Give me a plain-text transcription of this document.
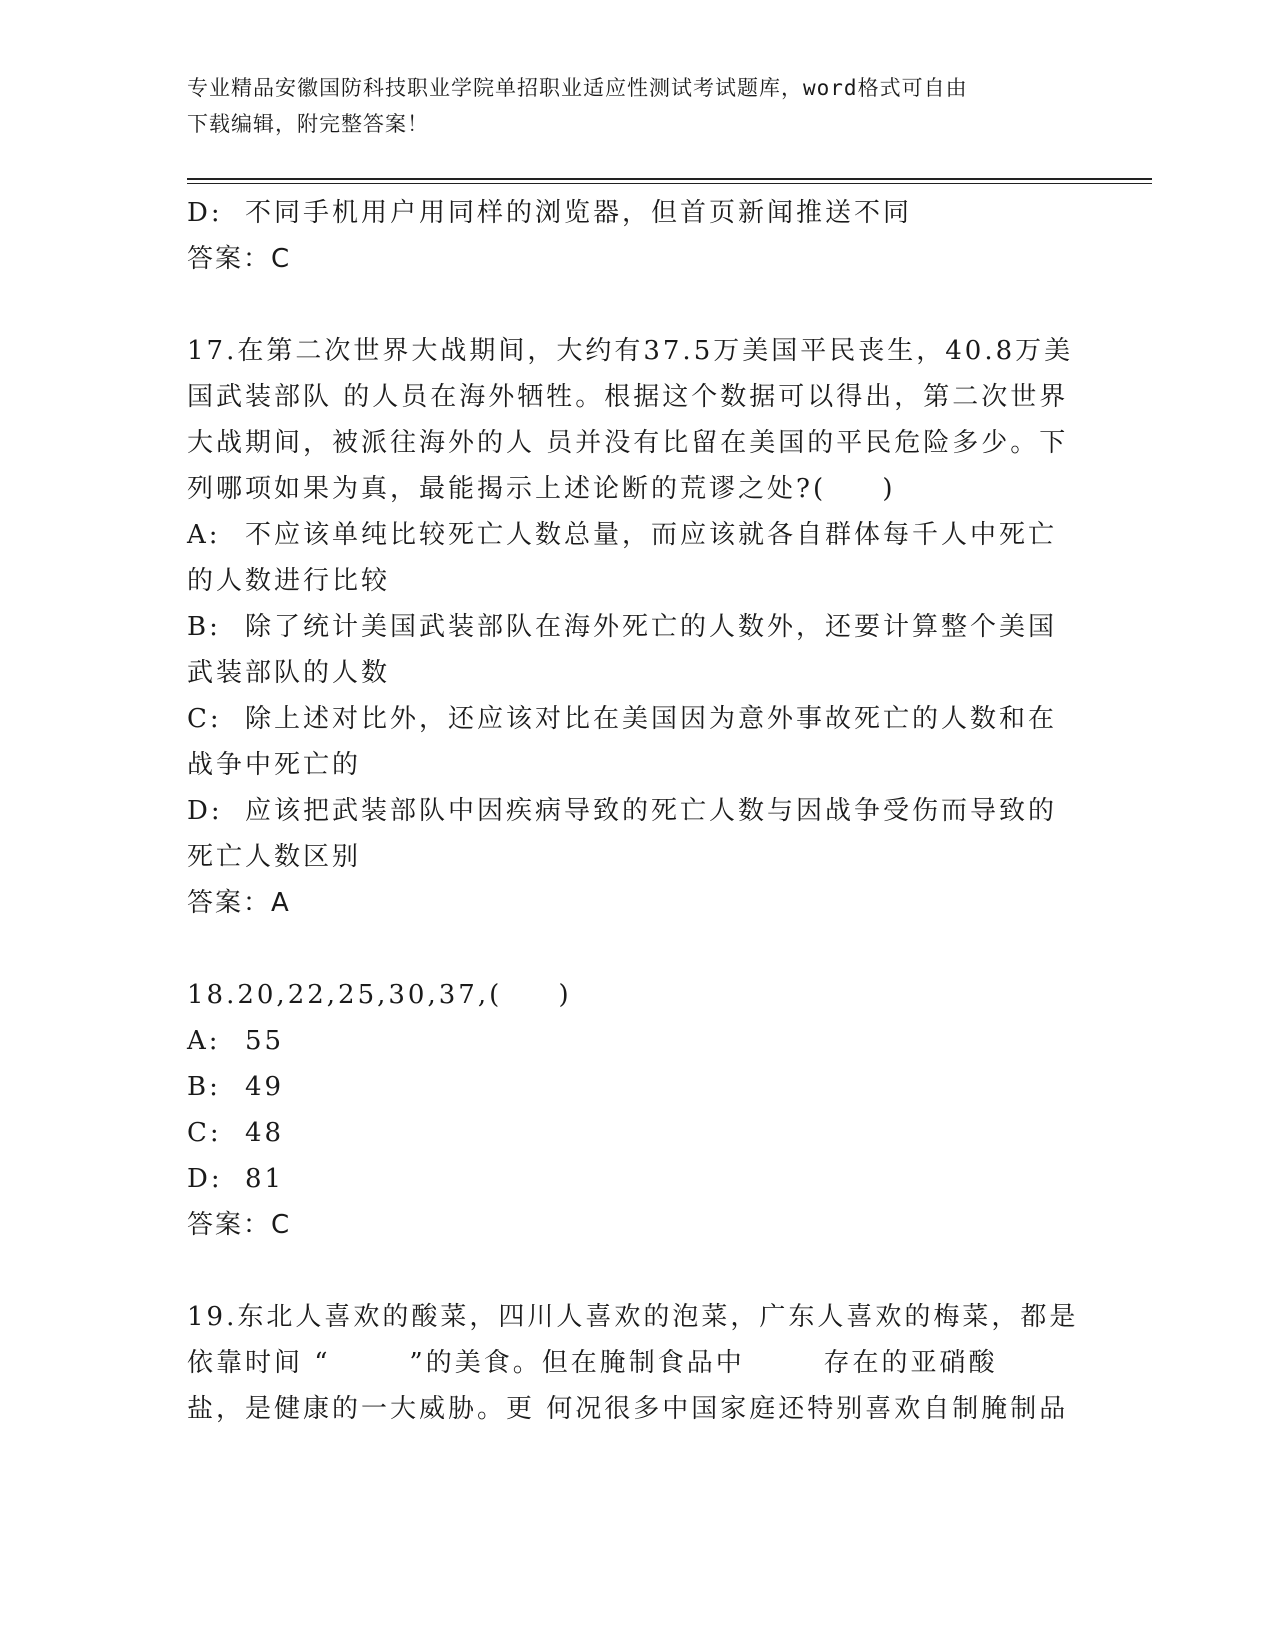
专业精品安徽国防科技职业学院单招职业适应性测试考试题库，word格式可自由
下载编辑，附完整答案！
D: 不同手机用户用同样的浏览器，但首页新闻推送不同
答案：C
17.在第二次世界大战期间，大约有37.5万美国平民丧生，40.8万美
国武装部队 的人员在海外牺牲。根据这个数据可以得出，第二次世界
大战期间，被派往海外的人 员并没有比留在美国的平民危险多少。下
列哪项如果为真，最能揭示上述论断的荒谬之处?(     )
A: 不应该单纯比较死亡人数总量，而应该就各自群体每千人中死亡
的人数进行比较
B: 除了统计美国武装部队在海外死亡的人数外，还要计算整个美国
武装部队的人数
C: 除上述对比外，还应该对比在美国因为意外事故死亡的人数和在
战争中死亡的
D: 应该把武装部队中因疾病导致的死亡人数与因战争受伤而导致的
死亡人数区别
答案：A
18.20,22,25,30,37,(     )
A: 55
B: 49
C: 48
D: 81
答案：C
19.东北人喜欢的酸菜，四川人喜欢的泡菜，广东人喜欢的梅菜，都是
依靠时间 “       ”的美食。但在腌制食品中       存在的亚硝酸
盐，是健康的一大威胁。更 何况很多中国家庭还特别喜欢自制腌制品
